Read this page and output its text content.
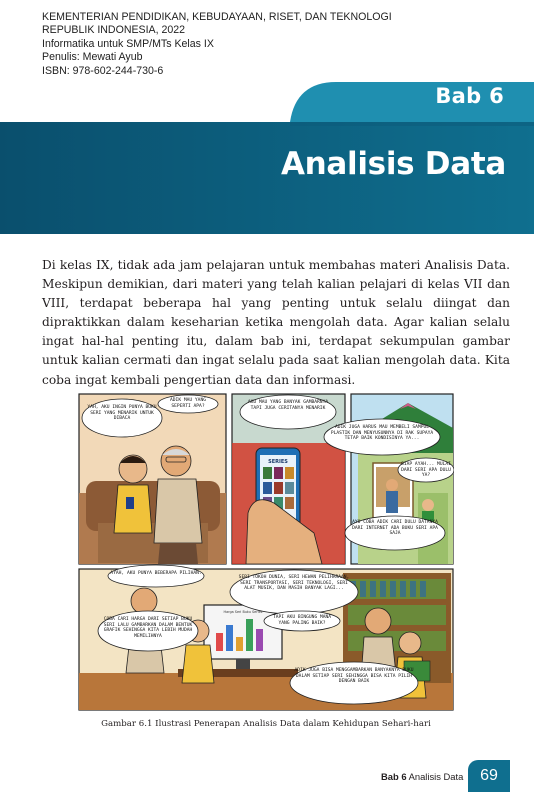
KEMENTERIAN PENDIDIKAN, KEBUDAYAAN, RISET, DAN TEKNOLOGI
REPUBLIK INDONESIA, 2022
Informatika untuk SMP/MTs Kelas IX
Penulis: Mewati Ayub
ISBN: 978-602-244-730-6
Bab 6
Analisis Data

Di kelas IX, tidak ada jam pelajaran untuk membahas materi Analisis Data. Meskipun demikian, dari materi yang telah kalian pelajari di kelas VII dan VIII, terdapat beberapa hal yang penting untuk selalu diingat dan dipraktikkan dalam keseharian ketika mengolah data. Agar kalian selalu ingat hal-hal penting itu, dalam bab ini, terdapat sekumpulan gambar untuk kalian cermati dan ingat selalu pada saat kalian mengolah data. Kita coba ingat kembali pengertian data dan informasi.

SERIES
Harga Seri Buku Series
YAH, AKU INGIN PUNYA BUKU SERI YANG MENARIK UNTUK DIBACA
ADIK MAU YANG SEPERTI APA?
AKU MAU YANG BANYAK GAMBARNYA TAPI JUGA CERITANYA MENARIK
ADIK JUGA HARUS MAU MEMBELI SAMPUL PLASTIK DAN MENYUSUNNYA DI RAK SUPAYA TETAP BAIK KONDISINYA YA...
SIAP AYAH... MULAI DARI SERI APA DULU YA?
AYO COBA ADIK CARI DULU DATANYA DARI INTERNET ADA BUKU SERI APA SAJA
AYAH, AKU PUNYA BEBERAPA PILIHAN:
SERI TOKOH DUNIA, SERI HEWAN PELIHARAAN, SERI TRANSPORTASI, SERI TEKNOLOGI, SERI ALAT MUSIK, DAN MASIH BANYAK LAGI...
TAPI AKU BINGUNG MANA YANG PALING BAIK?
COBA CARI HARGA DARI SETIAP BUKU SERI LALU GAMBARKAN DALAM BENTUK GRAFIK SEHINGGA KITA LEBIH MUDAH MEMILIHNYA
ADIK JUGA BISA MENGGAMBARKAN BANYAKNYA BUKU DALAM SETIAP SERI SEHINGGA BISA KITA PILIH DENGAN BAIK
Gambar 6.1 Ilustrasi Penerapan Analisis Data dalam Kehidupan Sehari-hari
Bab 6 Analisis Data	69
